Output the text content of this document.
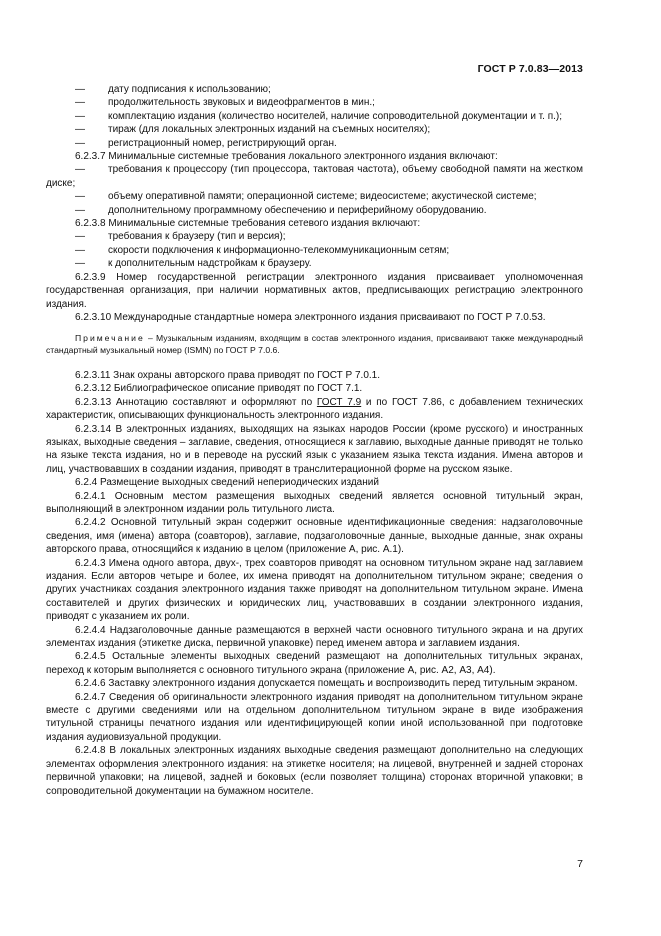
ГОСТ Р 7.0.83—2013
—	дату подписания к использованию;
—	продолжительность звуковых и видеофрагментов в мин.;
—	комплектацию издания (количество носителей, наличие сопроводительной документации и т. п.);
—	тираж (для локальных электронных изданий на съемных носителях);
—	регистрационный номер, регистрирующий орган.

6.2.3.7 Минимальные системные требования локального электронного издания включают:

— требования к процессору (тип процессора, тактовая частота), объему свободной памяти на жестком диске;

— объему оперативной памяти; операционной системе; видеосистеме; акустической системе;

—	дополнительному программному обеспечению и периферийному оборудованию.

6.2.3.8 Минимальные системные требования сетевого издания включают:

—	требования к браузеру (тип и версия);
—	скорости подключения к информационно-телекоммуникационным сетям;
—	к дополнительным надстройкам к браузеру.

6.2.3.9 Номер государственной регистрации электронного издания присваивает уполномоченная государственная организация, при наличии нормативных актов, предписывающих регистрацию электронного издания.

6.2.3.10 Международные стандартные номера электронного издания присваивают по ГОСТ Р 7.0.53.

Примечание – Музыкальным изданиям, входящим в состав электронного издания, присваивают также международный стандартный музыкальный номер (ISMN) по ГОСТ Р 7.0.6.

6.2.3.11 Знак охраны авторского права приводят по ГОСТ Р 7.0.1.

6.2.3.12 Библиографическое описание приводят по ГОСТ 7.1.

6.2.3.13 Аннотацию составляют и оформляют по ГОСТ 7.9 и по ГОСТ 7.86, с добавлением технических характеристик, описывающих функциональность электронного издания.

6.2.3.14 В электронных изданиях, выходящих на языках народов России (кроме русского) и иностранных языках, выходные сведения – заглавие, сведения, относящиеся к заглавию, выходные данные приводят не только на языке текста издания, но и в переводе на русский язык с указанием языка текста издания. Имена авторов и лиц, участвовавших в создании издания, приводят в транслитерационной форме на русском языке.

6.2.4 Размещение выходных сведений непериодических изданий

6.2.4.1 Основным местом размещения выходных сведений является основной титульный экран, выполняющий в электронном издании роль титульного листа.

6.2.4.2 Основной титульный экран содержит основные идентификационные сведения: надзаголовочные сведения, имя (имена) автора (соавторов), заглавие, подзаголовочные данные, выходные данные, знак охраны авторского права, относящийся к изданию в целом (приложение А, рис. А.1).

6.2.4.3 Имена одного автора, двух-, трех соавторов приводят на основном титульном экране над заглавием издания. Если авторов четыре и более, их имена приводят на дополнительном титульном экране; сведения о других участниках создания электронного издания также приводят на дополнительном титульном экране. Имена составителей и других физических и юридических лиц, участвовавших в создании электронного издания, приводят с указанием их роли.

6.2.4.4 Надзаголовочные данные размещаются в верхней части основного титульного экрана и на других элементах издания (этикетке диска, первичной упаковке) перед именем автора и заглавием издания.

6.2.4.5 Остальные элементы выходных сведений размещают на дополнительных титульных экранах, переход к которым выполняется с основного титульного экрана (приложение А, рис. А2, А3, А4).

6.2.4.6 Заставку электронного издания допускается помещать и воспроизводить перед титульным экраном.

6.2.4.7 Сведения об оригинальности электронного издания приводят на дополнительном титульном экране вместе с другими сведениями или на отдельном дополнительном титульном экране в виде изображения титульной страницы печатного издания или идентифицирующей копии иной использованной при подготовке издания аудиовизуальной продукции.

6.2.4.8 В локальных электронных изданиях выходные сведения размещают дополнительно на следующих элементах оформления электронного издания: на этикетке носителя; на лицевой, внутренней и задней сторонах первичной упаковки; на лицевой, задней и боковых (если позволяет толщина) сторонах вторичной упаковки; в сопроводительной документации на бумажном носителе.

7
